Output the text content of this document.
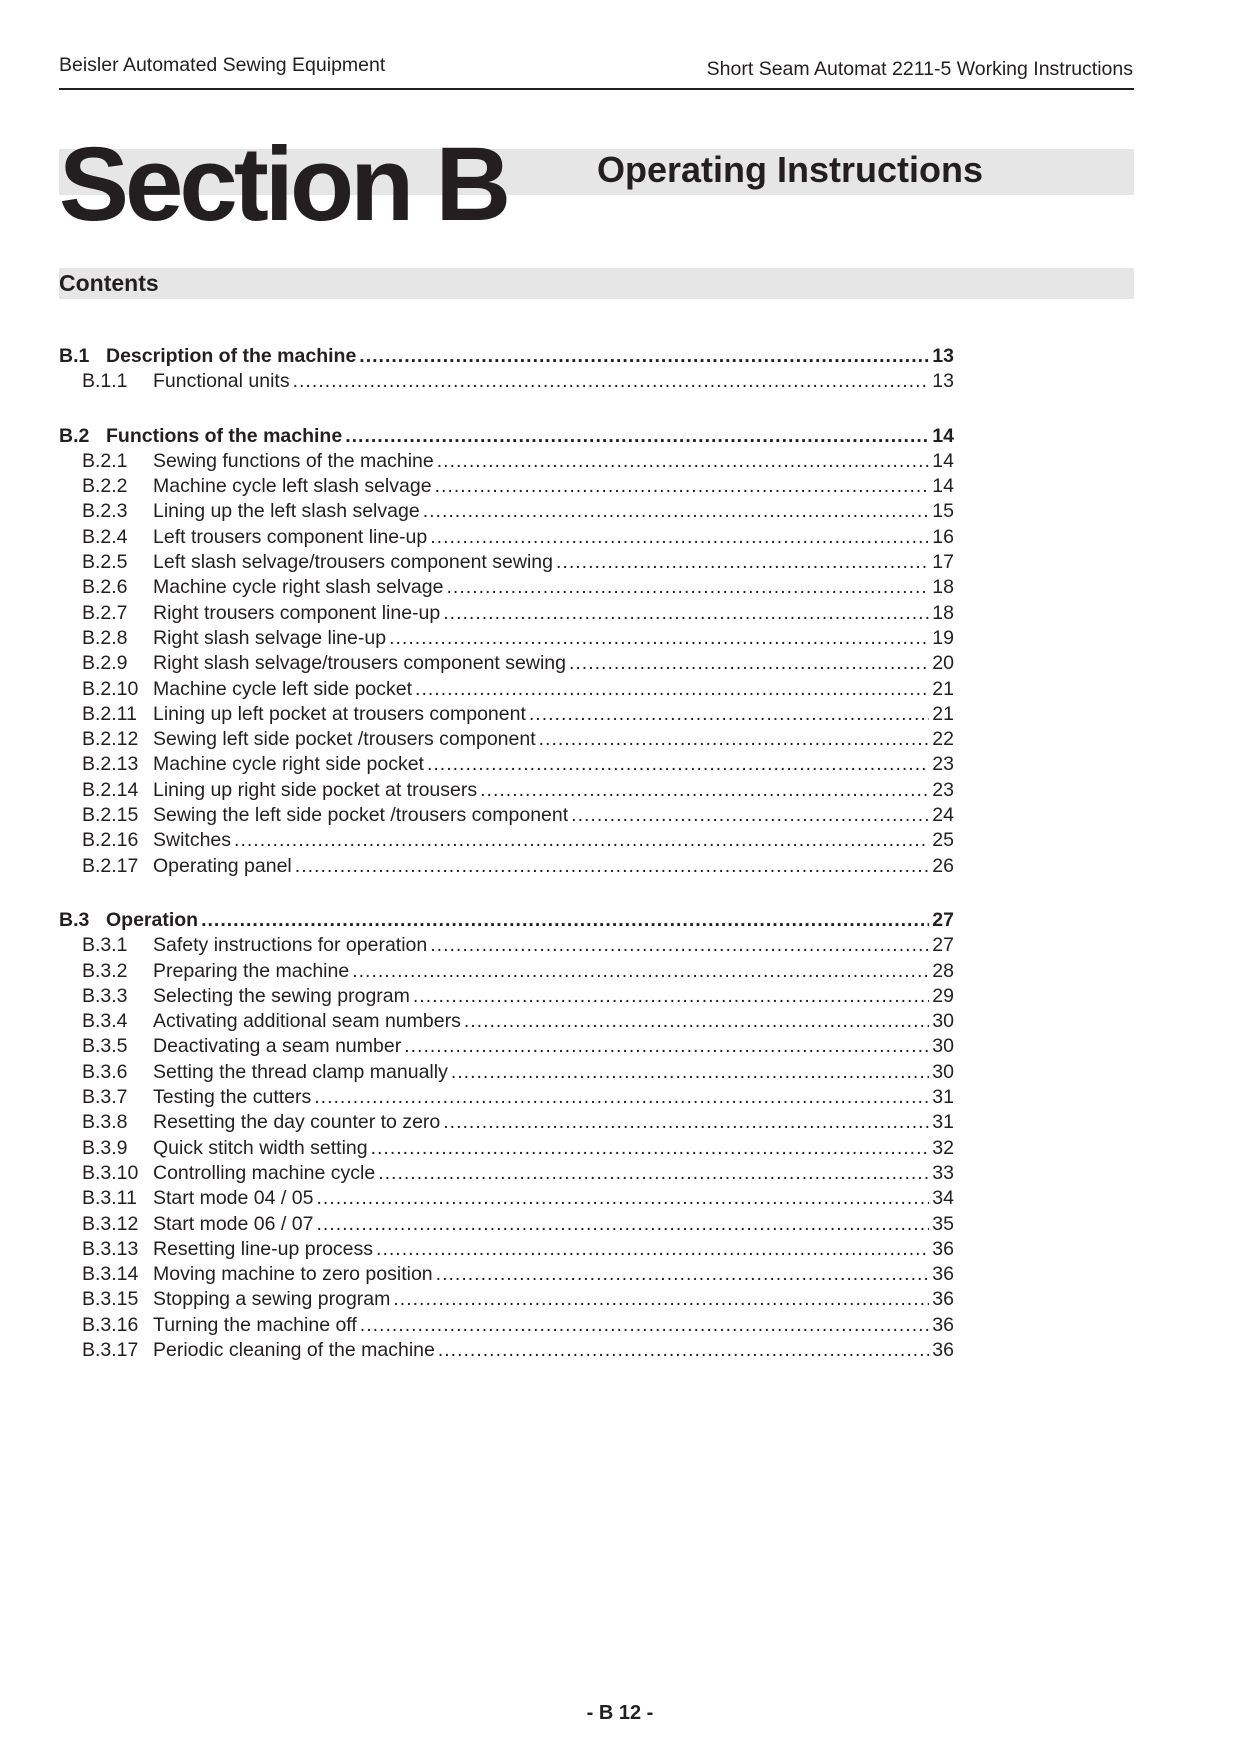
Beisler Automated Sewing Equipment	Short Seam Automat 2211-5 Working Instructions
Section B Operating Instructions
Contents
B.1 Description of the machine .....	13
B.1.1	Functional units .....	13
B.2 Functions of the machine .....	14
B.2.1	Sewing functions of the machine .....	14
B.2.2	Machine cycle left slash selvage .....	14
B.2.3	Lining up the left slash selvage .....	15
B.2.4	Left trousers component line-up .....	16
B.2.5	Left slash selvage/trousers component sewing .....	17
B.2.6	Machine cycle right slash selvage .....	18
B.2.7	Right trousers component line-up .....	18
B.2.8	Right slash selvage line-up .....	19
B.2.9	Right slash selvage/trousers component sewing .....	20
B.2.10 Machine cycle left side pocket .....	21
B.2.11 Lining up left pocket at trousers component .....	21
B.2.12 Sewing left side pocket /trousers component .....	22
B.2.13 Machine cycle right side pocket .....	23
B.2.14 Lining up right side pocket at trousers .....	23
B.2.15 Sewing the left side pocket /trousers component .....	24
B.2.16 Switches .....	25
B.2.17 Operating panel .....	26
B.3 Operation .....	27
B.3.1	Safety instructions for operation .....	27
B.3.2	Preparing the machine .....	28
B.3.3	Selecting the sewing program .....	29
B.3.4	Activating additional seam numbers .....	30
B.3.5	Deactivating a seam number .....	30
B.3.6	Setting the thread clamp manually .....	30
B.3.7	Testing the cutters .....	31
B.3.8	Resetting the day counter to zero .....	31
B.3.9	Quick stitch width setting .....	32
B.3.10 Controlling machine cycle .....	33
B.3.11 Start mode 04 / 05 .....	34
B.3.12 Start mode 06 / 07 .....	35
B.3.13 Resetting line-up process .....	36
B.3.14 Moving machine to zero position .....	36
B.3.15 Stopping a sewing program .....	36
B.3.16 Turning the machine off .....	36
B.3.17 Periodic cleaning of the machine .....	36
- B 12 -
